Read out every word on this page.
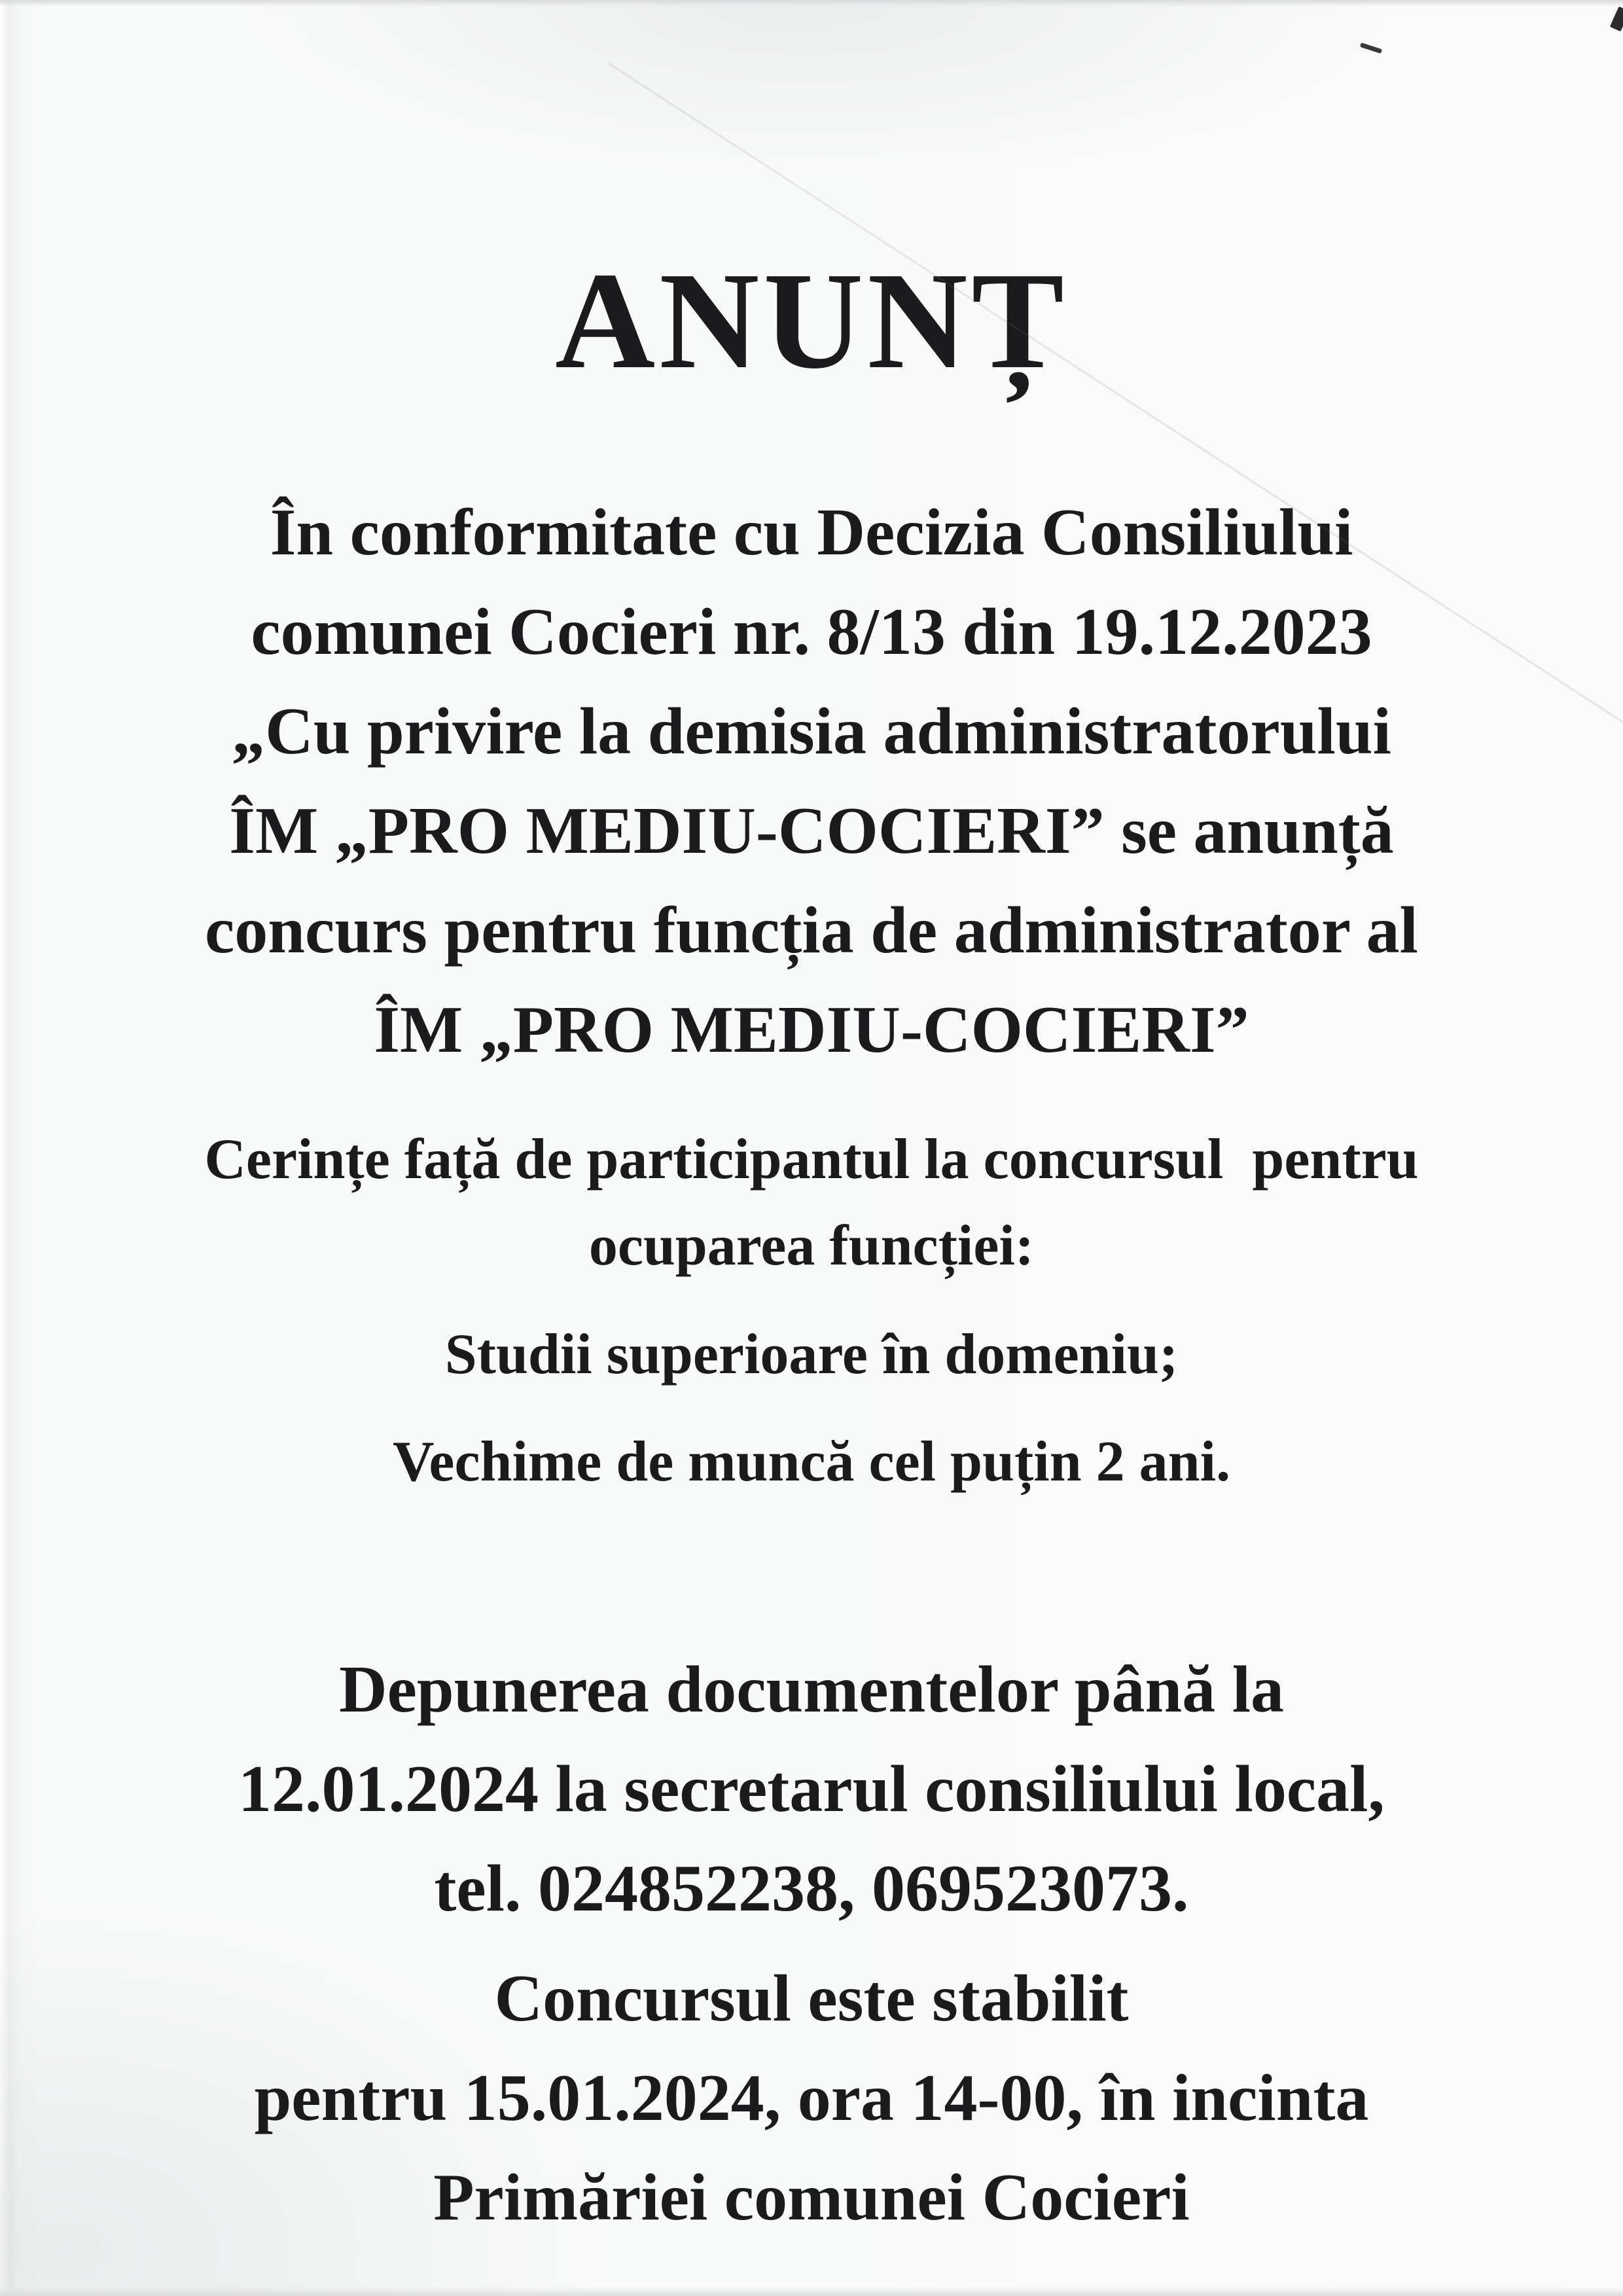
ANUNȚ
În conformitate cu Decizia Consiliului
comunei Cocieri nr. 8/13 din 19.12.2023
„Cu privire la demisia administratorului
ÎM „PRO MEDIU-COCIERI” se anunță
concurs pentru funcția de administrator al
ÎM „PRO MEDIU-COCIERI”
Cerințe față de participantul la concursul  pentru
ocuparea funcției:
Studii superioare în domeniu;
Vechime de muncă cel puțin 2 ani.
Depunerea documentelor până la
12.01.2024 la secretarul consiliului local,
tel. 024852238, 069523073.
Concursul este stabilit
pentru 15.01.2024, ora 14-00, în incinta
Primăriei comunei Cocieri
